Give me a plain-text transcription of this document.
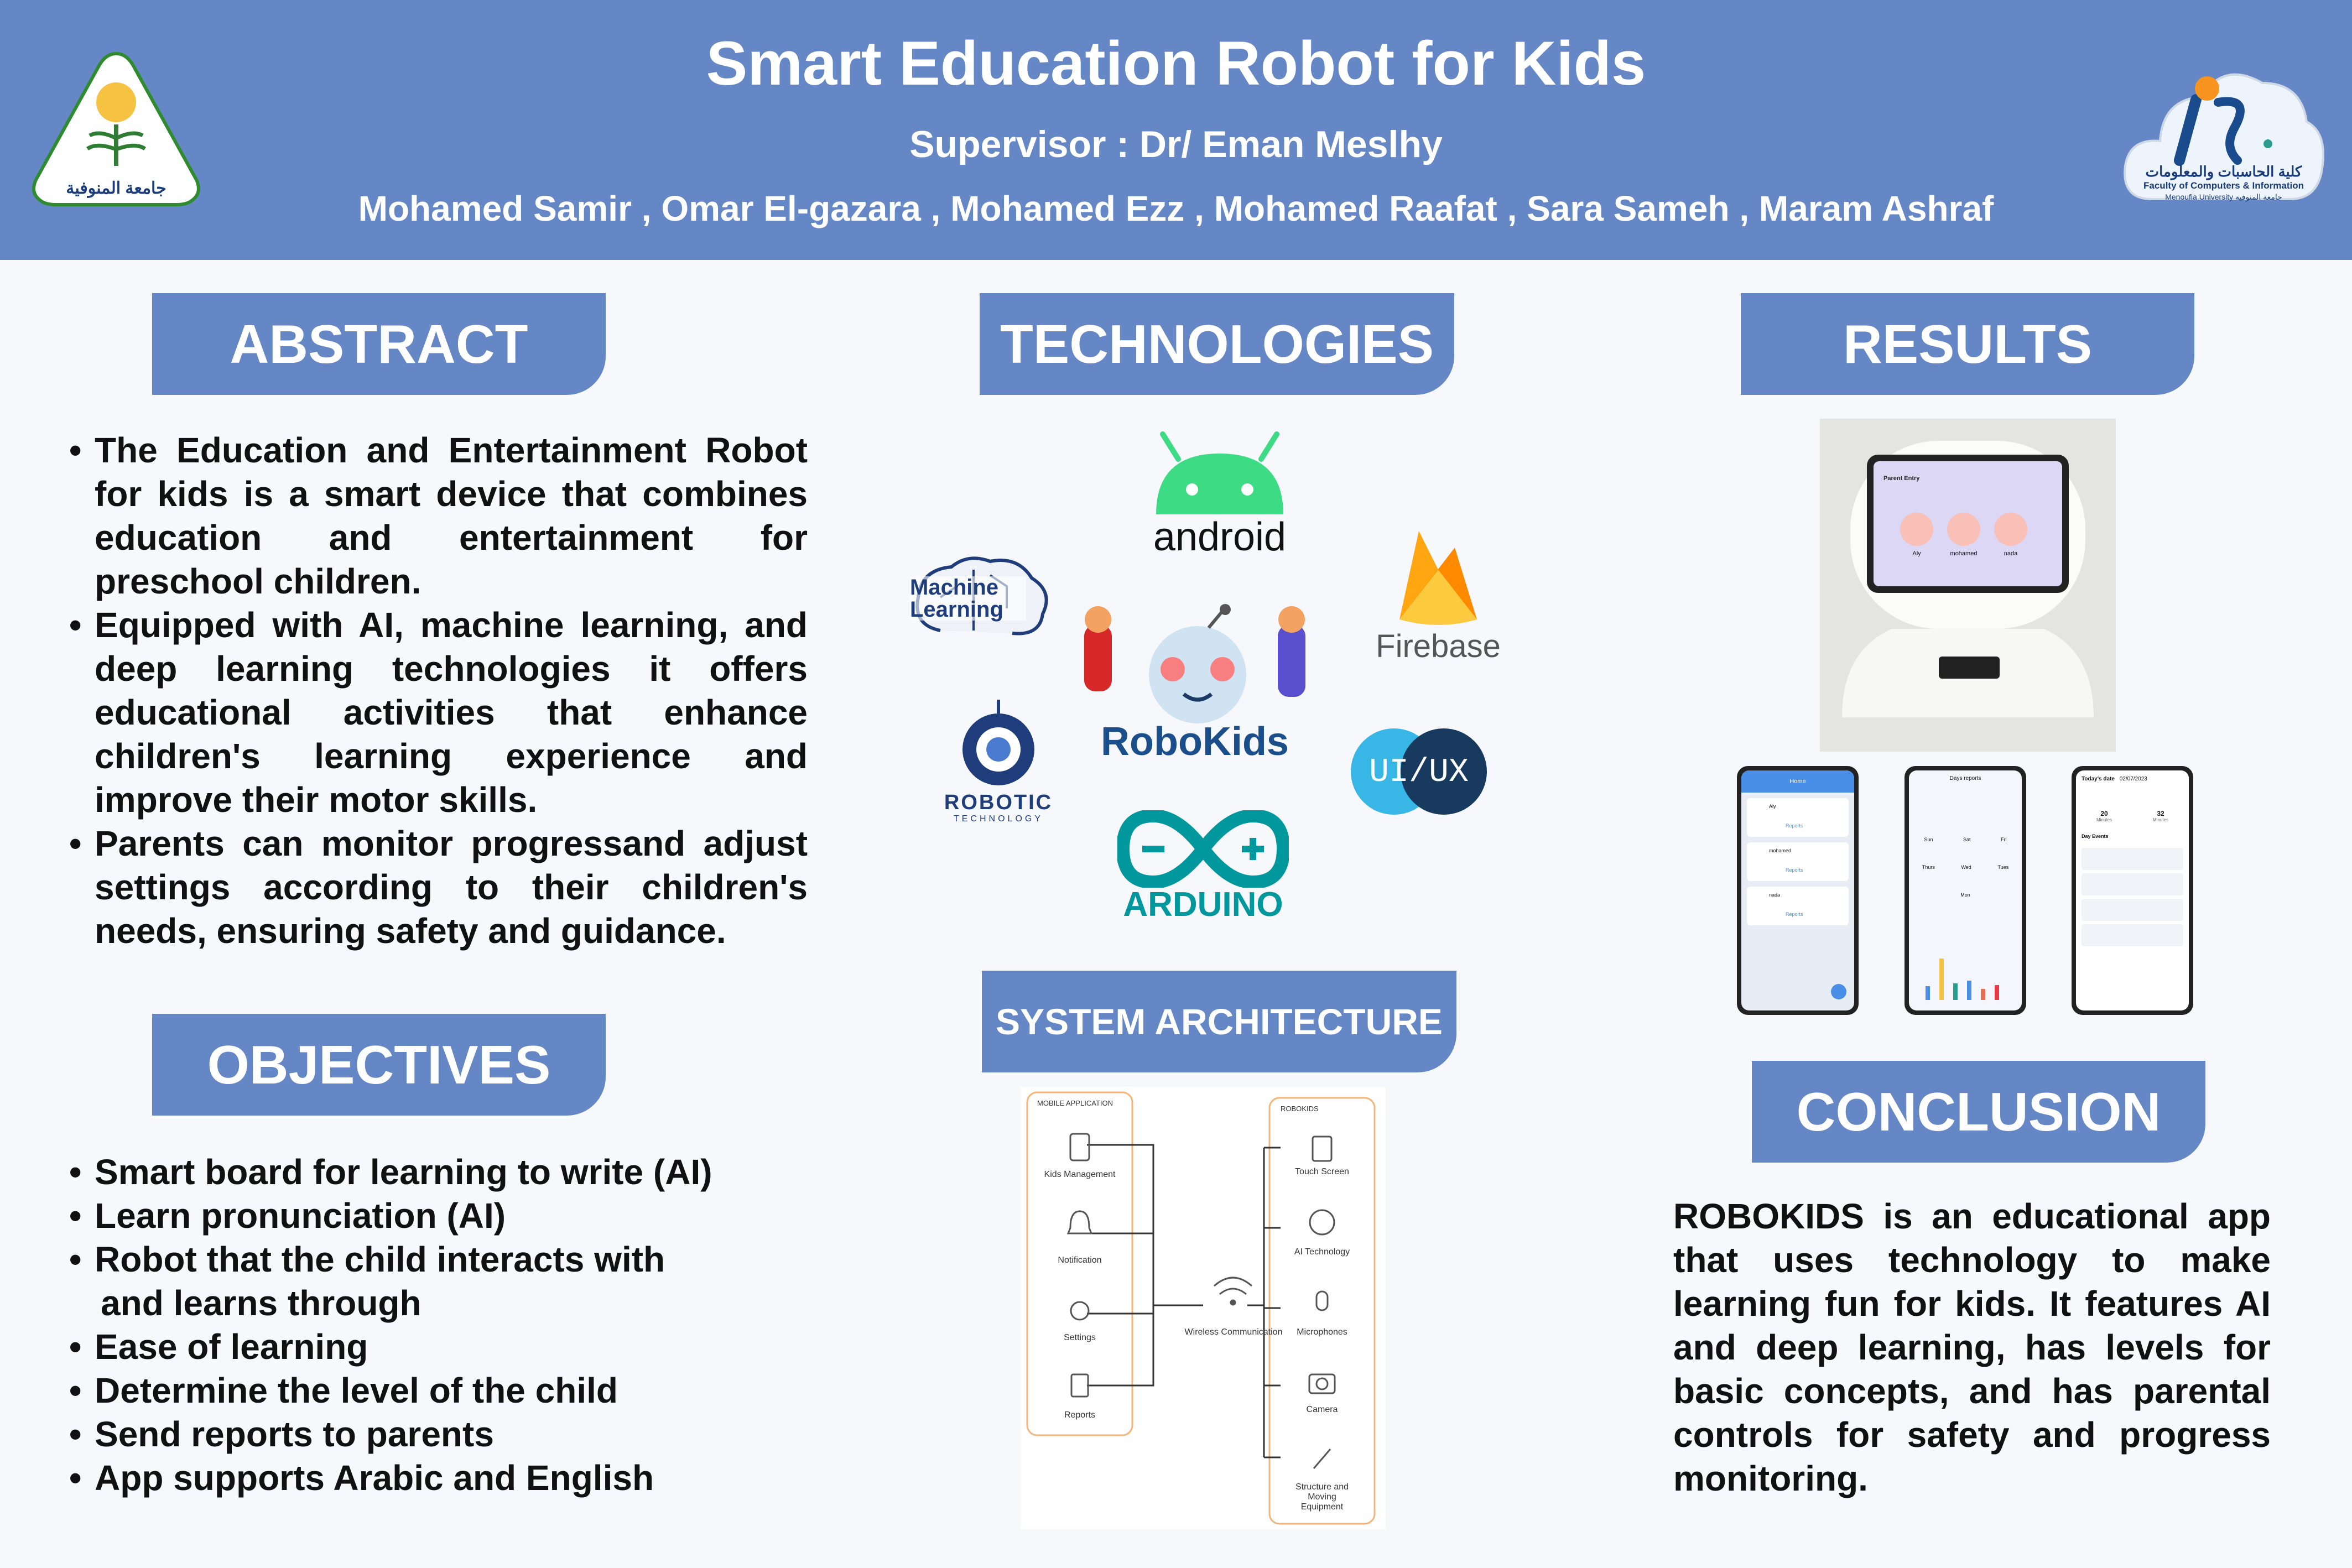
Smart Education Robot for Kids
Supervisor : Dr/ Eman Meslhy
Mohamed Samir , Omar El-gazara , Mohamed Ezz , Mohamed Raafat , Sara Sameh , Maram Ashraf
جامعة المنوفية
كلية الحاسبات والمعلومات
Faculty of Computers & Information
Menoufia University جامعة المنوفية
ABSTRACT
• The Education and Entertainment Robot for kids is a smart device that combines education and entertainment for preschool children.
• Equipped with AI, machine learning, and deep learning technologies it offers educational activities that enhance children's learning experience and improve their motor skills.
• Parents can monitor progressand adjust settings according to their children's needs, ensuring safety and guidance.
OBJECTIVES
• Smart board for learning to write (AI)
• Learn pronunciation (AI)
• Robot that the child interacts with
and learns through
• Ease of learning
• Determine the level of the child
• Send reports to parents
• App supports Arabic and English
TECHNOLOGIES
android
Machine Learning
Firebase
RoboKids
ROBOTIC
TECHNOLOGY
UI/UX
ARDUINO
SYSTEM ARCHITECTURE
MOBILE APPLICATION
ROBOKIDS
Kids Management
Notification
Settings
Reports
Wireless Communication
Touch Screen
AI Technology
Microphones
Camera
Structure and Moving Equipment
RESULTS
Parent Entry
Aly	mohamed	nada
Home
Aly
Reports
mohamed
Reports
nada
Reports
Days reports
Sun	Sat	Fri
Thurs	Wed	Tues
Mon
Today's date 02/07/2023
20	32
Minutes	Minutes
Day Events
CONCLUSION
ROBOKIDS is an educational app that uses technology to make learning fun for kids. It features AI and deep learning, has levels for basic concepts, and has parental controls for safety and progress monitoring.
